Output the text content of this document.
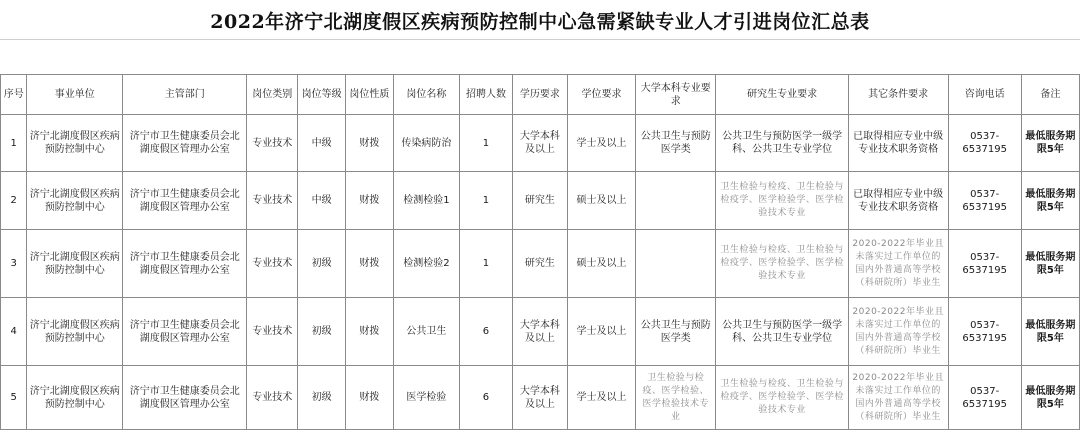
2022年济宁北湖度假区疾病预防控制中心急需紧缺专业人才引进岗位汇总表
序号	事业单位	主管部门	岗位类别	岗位等级	岗位性质	岗位名称	招聘人数	学历要求	学位要求	大学本科专业要求	研究生专业要求	其它条件要求	咨询电话	备注
1	济宁北湖度假区疾病预防控制中心	济宁市卫生健康委员会北湖度假区管理办公室	专业技术	中级	财拨	传染病防治	1	大学本科及以上	学士及以上	公共卫生与预防医学类	公共卫生与预防医学一级学科、公共卫生专业学位	已取得相应专业中级专业技术职务资格	0537-6537195	最低服务期限5年
2	济宁北湖度假区疾病预防控制中心	济宁市卫生健康委员会北湖度假区管理办公室	专业技术	中级	财拨	检测检验1	1	研究生	硕士及以上		卫生检验与检疫、卫生检验与检疫学、医学检验学、医学检验技术专业	已取得相应专业中级专业技术职务资格	0537-6537195	最低服务期限5年
3	济宁北湖度假区疾病预防控制中心	济宁市卫生健康委员会北湖度假区管理办公室	专业技术	初级	财拨	检测检验2	1	研究生	硕士及以上		卫生检验与检疫、卫生检验与检疫学、医学检验学、医学检验技术专业	2020-2022年毕业且未落实过工作单位的国内外普通高等学校（科研院所）毕业生	0537-6537195	最低服务期限5年
4	济宁北湖度假区疾病预防控制中心	济宁市卫生健康委员会北湖度假区管理办公室	专业技术	初级	财拨	公共卫生	6	大学本科及以上	学士及以上	公共卫生与预防医学类	公共卫生与预防医学一级学科、公共卫生专业学位	2020-2022年毕业且未落实过工作单位的国内外普通高等学校（科研院所）毕业生	0537-6537195	最低服务期限5年
5	济宁北湖度假区疾病预防控制中心	济宁市卫生健康委员会北湖度假区管理办公室	专业技术	初级	财拨	医学检验	6	大学本科及以上	学士及以上	卫生检验与检疫、医学检验、医学检验技术专业	卫生检验与检疫、卫生检验与检疫学、医学检验学、医学检验技术专业	2020-2022年毕业且未落实过工作单位的国内外普通高等学校（科研院所）毕业生	0537-6537195	最低服务期限5年
